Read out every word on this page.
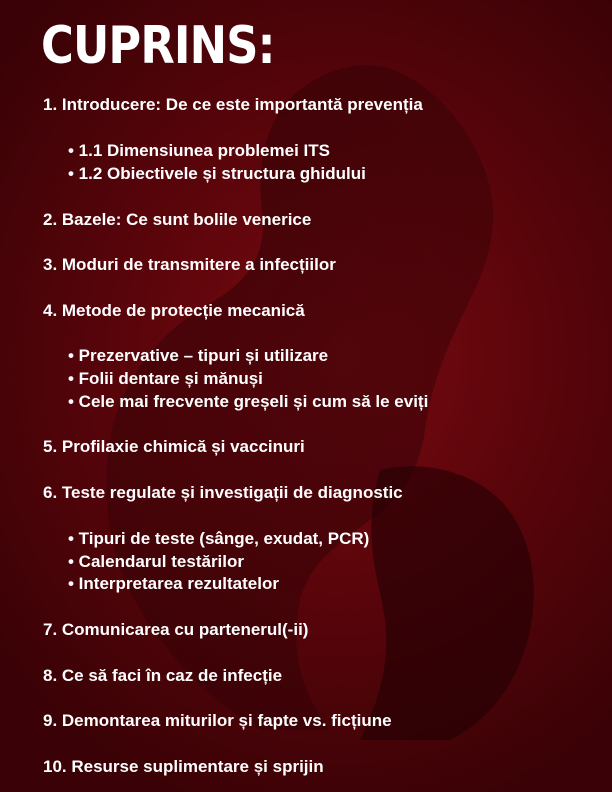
CUPRINS:
1. Introducere: De ce este importantă prevenția
• 1.1 Dimensiunea problemei ITS
• 1.2 Obiectivele și structura ghidului
2. Bazele: Ce sunt bolile venerice
3. Moduri de transmitere a infecțiilor
4. Metode de protecție mecanică
• Prezervative – tipuri și utilizare
• Folii dentare și mănuși
• Cele mai frecvente greșeli și cum să le eviți
5. Profilaxie chimică și vaccinuri
6. Teste regulate și investigații de diagnostic
• Tipuri de teste (sânge, exudat, PCR)
• Calendarul testărilor
• Interpretarea rezultatelor
7. Comunicarea cu partenerul(-ii)
8. Ce să faci în caz de infecție
9. Demontarea miturilor și fapte vs. ficțiune
10. Resurse suplimentare și sprijin
